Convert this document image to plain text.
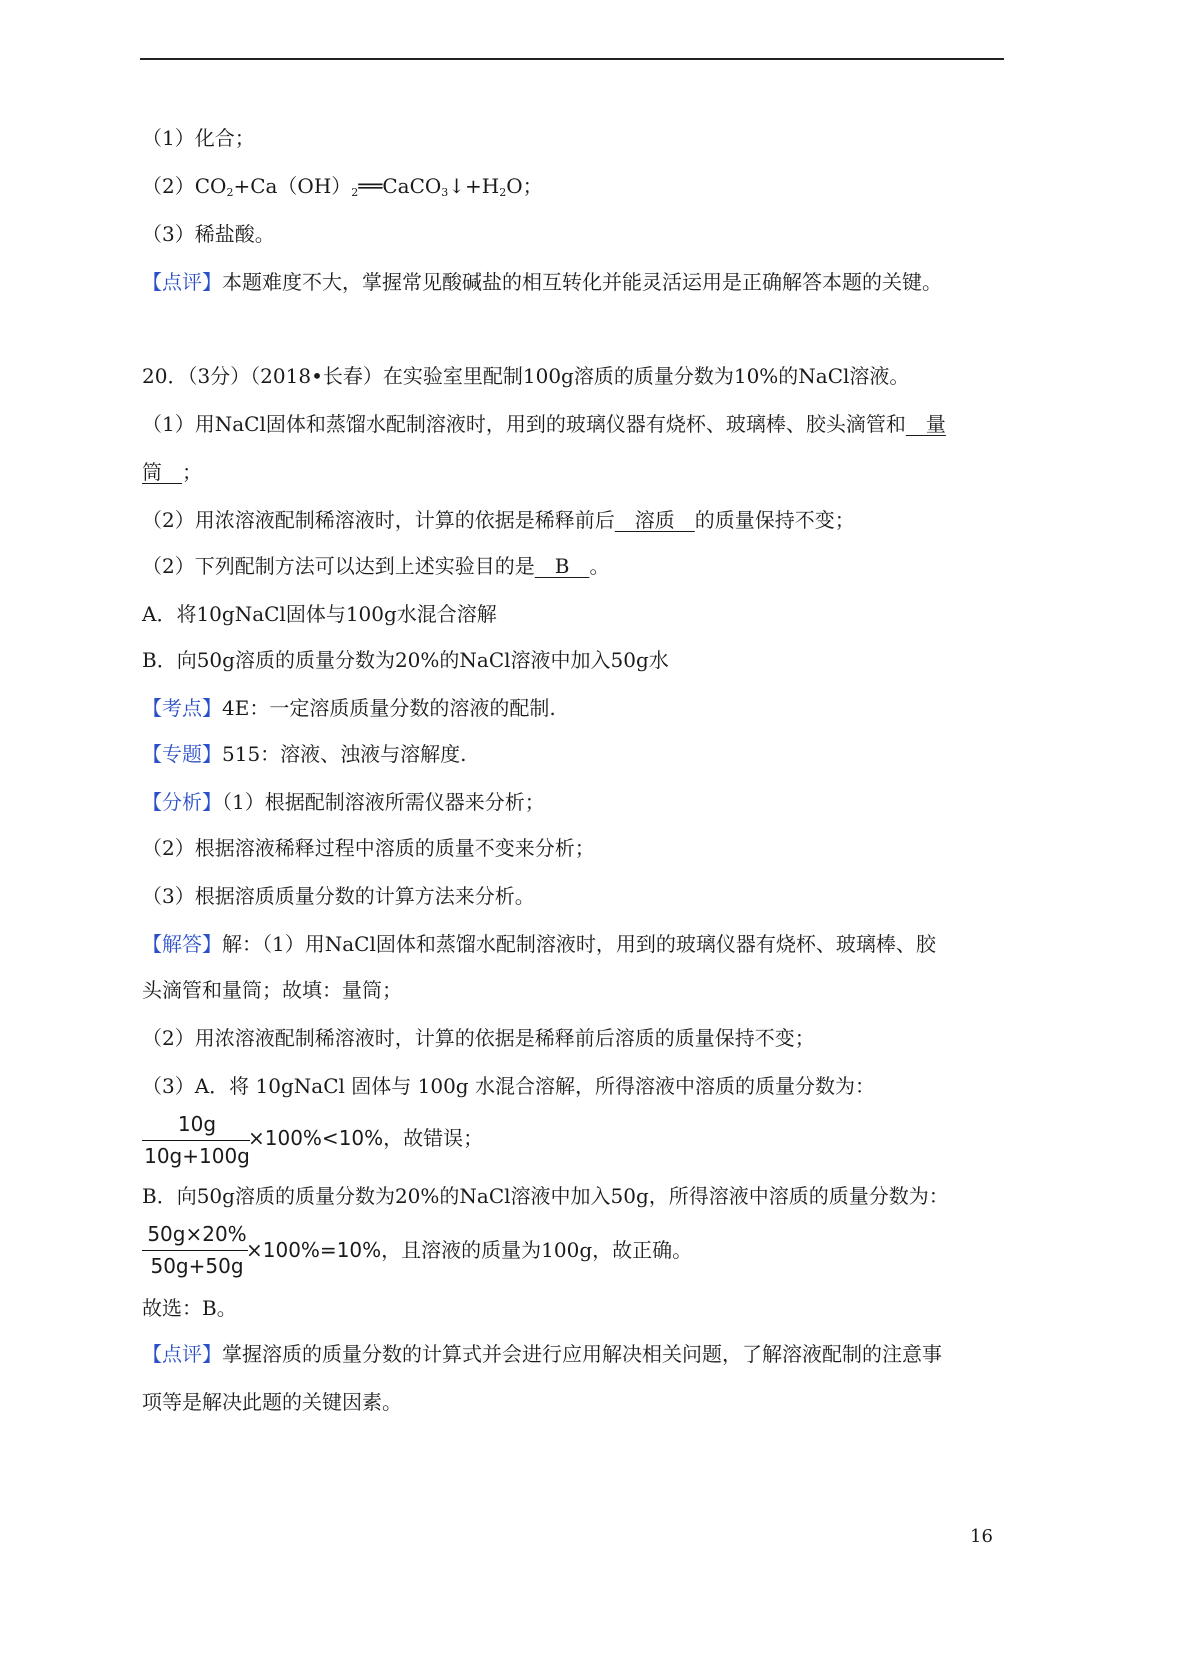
（1）化合；
$(2)CO_2+Ca(OH)_2══CaCO_3↓+H_2O$；
（3）稀盐酸。
【点评】本题难度不大，掌握常见酸碱盐的相互转化并能灵活运用是正确解答本题的关键。
20．（3分）（2018•长春）在实验室里配制100g溶质的质量分数为10%的NaCl溶液。
（1）用NaCl固体和蒸馏水配制溶液时，用到的玻璃仪器有烧杯、玻璃棒、胶头滴管和　量
筒　；
（2）用浓溶液配制稀溶液时，计算的依据是稀释前后　溶质　的质量保持不变；
（2）下列配制方法可以达到上述实验目的是　B　。
A．将10gNaCl固体与100g水混合溶解
B．向50g溶质的质量分数为20%的NaCl溶液中加入50g水
【考点】4E：一定溶质质量分数的溶液的配制.
【专题】515：溶液、浊液与溶解度.
【分析】（1）根据配制溶液所需仪器来分析；
（2）根据溶液稀释过程中溶质的质量不变来分析；
（3）根据溶质质量分数的计算方法来分析。
【解答】解：（1）用NaCl固体和蒸馏水配制溶液时，用到的玻璃仪器有烧杯、玻璃棒、胶
头滴管和量筒；故填：量筒；
（2）用浓溶液配制稀溶液时，计算的依据是稀释前后溶质的质量保持不变；
（3）A．将 10gNaCl 固体与 100g 水混合溶解，所得溶液中溶质的质量分数为：
10g
10g+100g
×100%<10%，故错误；
B．向50g溶质的质量分数为20%的NaCl溶液中加入50g，所得溶液中溶质的质量分数为：
50g×20%
50g+50g
×100%=10%，且溶液的质量为100g，故正确。
故选：B。
【点评】掌握溶质的质量分数的计算式并会进行应用解决相关问题，了解溶液配制的注意事
项等是解决此题的关键因素。
16
